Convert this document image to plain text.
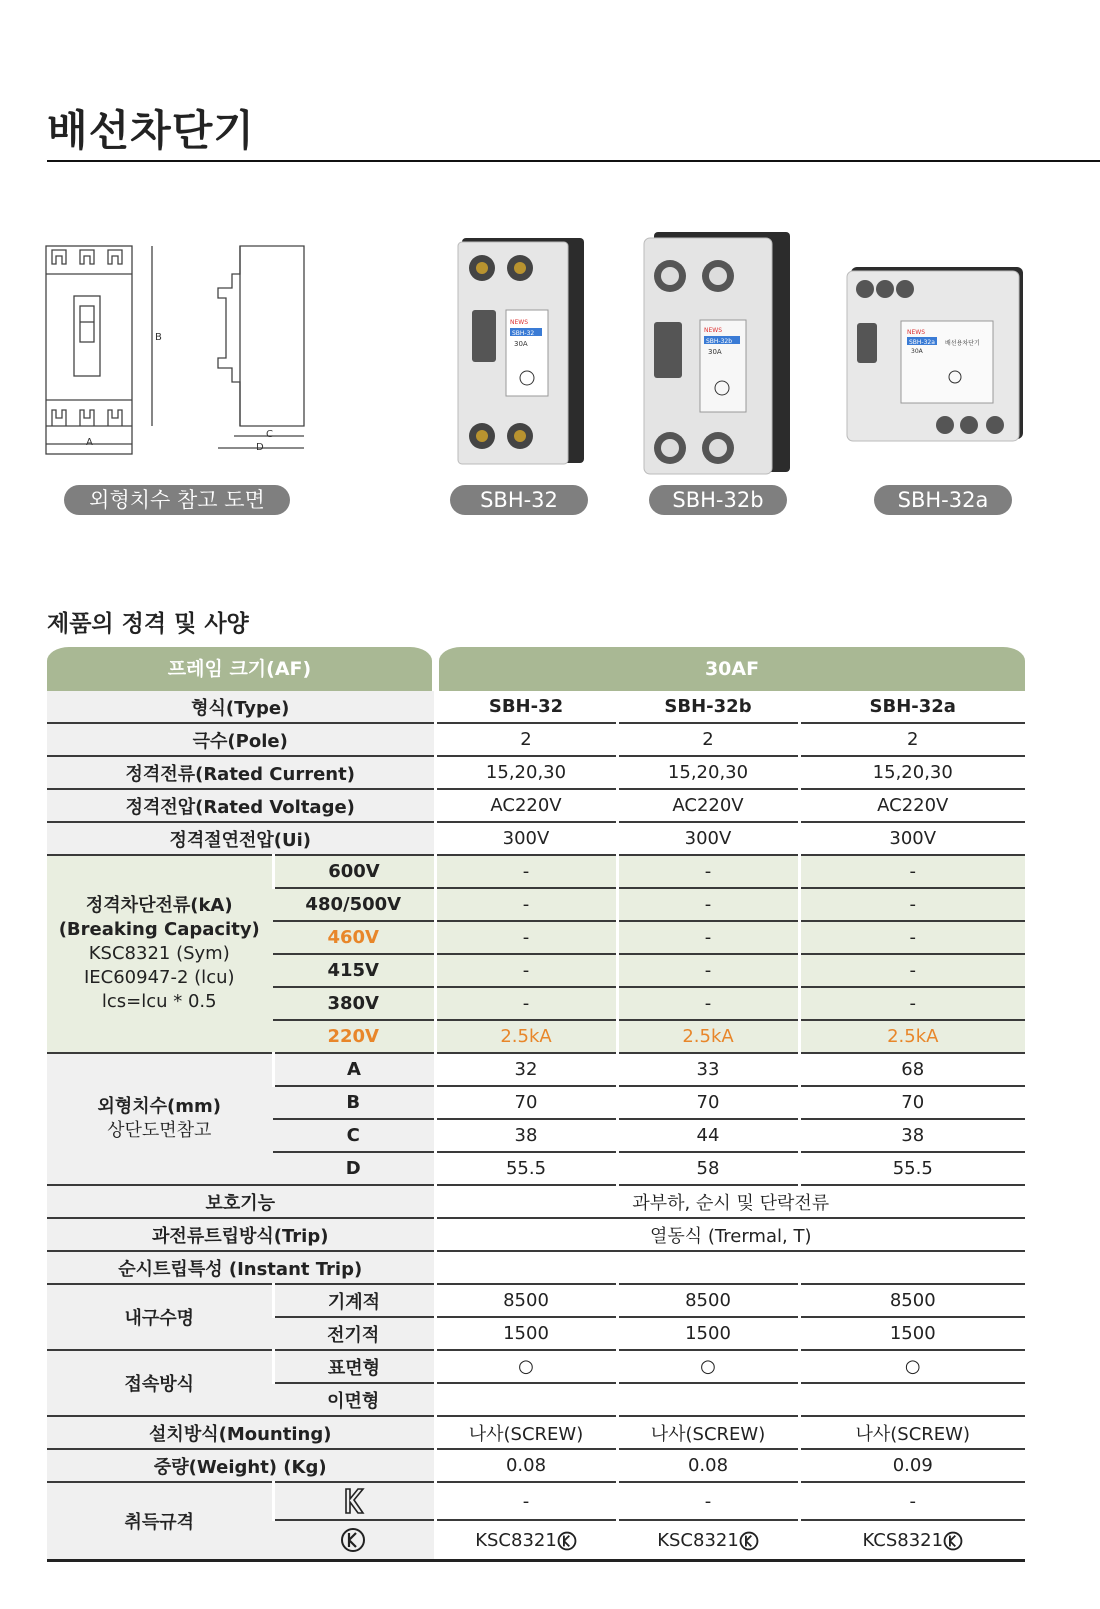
배선차단기
A
B
C
D
NEWS
SBH-32
30A
NEWS
SBH-32b
30A
NEWS
SBH-32a
30A
배선용차단기
외형치수 참고 도면	SBH-32	SBH-32b	SBH-32a
제품의 정격 및 사양
프레임 크기(AF)	30AF
형식(Type)		SBH-32	SBH-32b	SBH-32a
극수(Pole)		2	2	2
정격전류(Rated Current)		15,20,30	15,20,30	15,20,30
정격전압(Rated Voltage)		AC220V	AC220V	AC220V
정격절연전압(Ui)		300V	300V	300V

정격차단전류(kA)
(Breaking Capacity)
KSC8321 (Sym)
IEC60947-2 (lcu)
lcs=lcu * 0.5	600V	-	-	-
	480/500V	-	-	-
	460V	-	-	-
	415V	-	-	-
	380V	-	-	-
	220V	2.5kA	2.5kA	2.5kA

외형치수(mm)
상단도면참고	A	32	33	68
	B	70	70	70
	C	38	44	38
	D	55.5	58	55.5
보호기능		과부하, 순시 및 단락전류		
과전류트립방식(Trip)		열동식 (Trermal, T)		
순시트립특성 (Instant Trip)				
내구수명	기계적	8500	8500	8500
	전기적	1500	1500	1500
접속방식	표면형	○	○	○
	이면형			
설치방식(Mounting)		나사(SCREW)	나사(SCREW)	나사(SCREW)
중량(Weight) (Kg)		0.08	0.08	0.09
취득규격		-	-	-
	KSC8321	KSC8321	KCS8321
